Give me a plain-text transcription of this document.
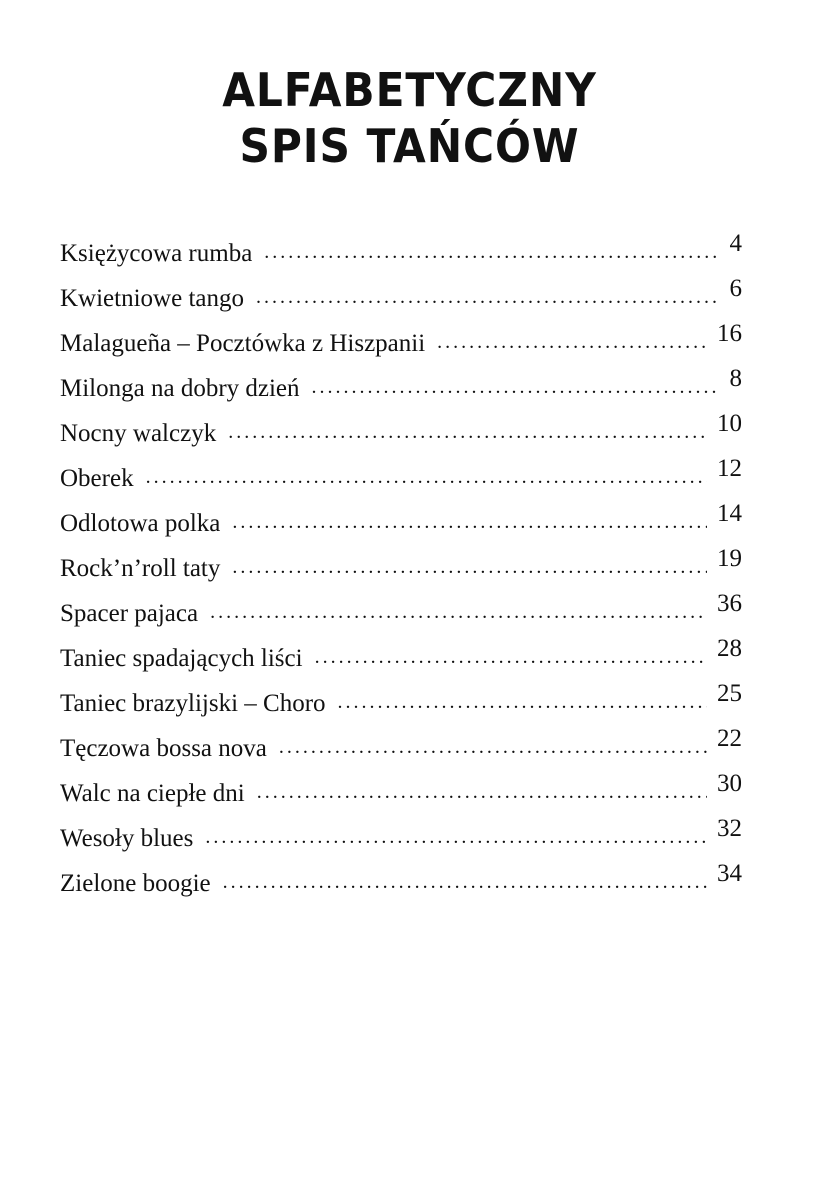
ALFABETYCZNY
SPIS TAŃCÓW
Księżycowa rumba .....	4
Kwietniowe tango .....	6
Malagueña – Pocztówka z Hiszpanii .....	16
Milonga na dobry dzień .....	8
Nocny walczyk .....	10
Oberek .....	12
Odlotowa polka .....	14
Rock’n’roll taty .....	19
Spacer pajaca .....	36
Taniec spadających liści .....	28
Taniec brazylijski – Choro .....	25
Tęczowa bossa nova .....	22
Walc na ciepłe dni .....	30
Wesoły blues .....	32
Zielone boogie .....	34
